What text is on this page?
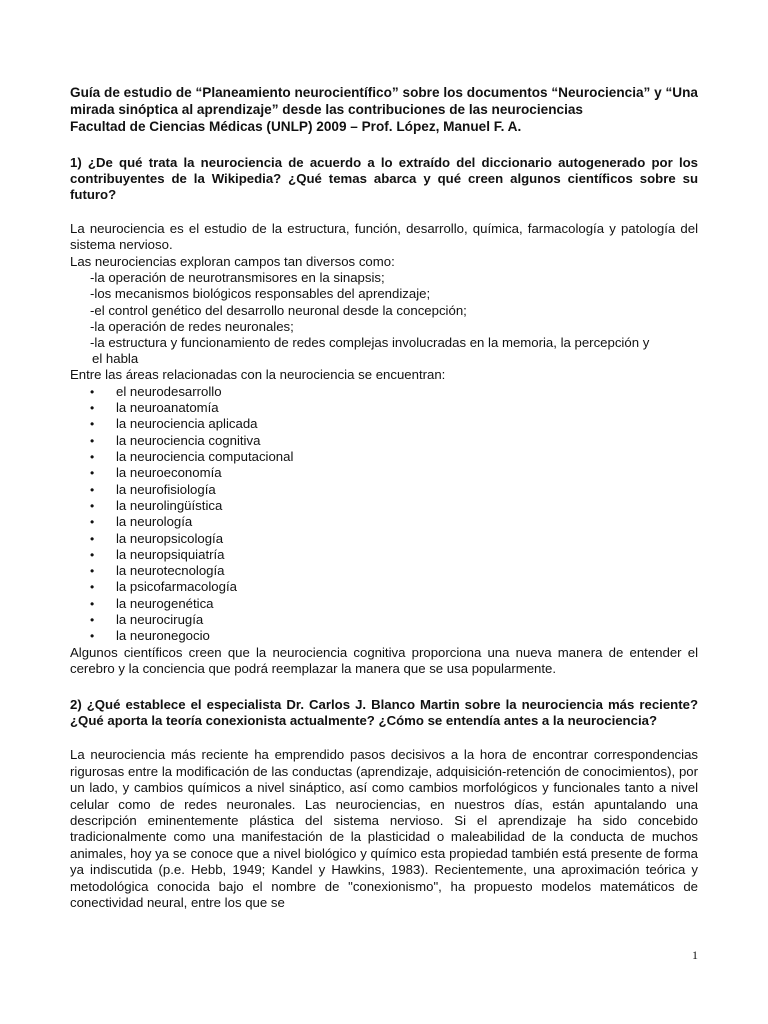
Guía de estudio de “Planeamiento neurocientífico” sobre los documentos “Neurociencia” y “Una mirada sinóptica al aprendizaje” desde las contribuciones de las neurociencias
Facultad de Ciencias Médicas (UNLP) 2009 – Prof. López, Manuel F. A.

1) ¿De qué trata la neurociencia de acuerdo a lo extraído del diccionario autogenerado por los contribuyentes de la Wikipedia? ¿Qué temas abarca y qué creen algunos científicos sobre su futuro?

La neurociencia es el estudio de la estructura, función, desarrollo, química, farmacología y patología del sistema nervioso.

Las neurociencias exploran campos tan diversos como:

-la operación de neurotransmisores en la sinapsis;
-los mecanismos biológicos responsables del aprendizaje;
-el control genético del desarrollo neuronal desde la concepción;
-la operación de redes neuronales;
-la estructura y funcionamiento de redes complejas involucradas en la memoria, la percepción y
el habla

Entre las áreas relacionadas con la neurociencia se encuentran:

•	el neurodesarrollo
•	la neuroanatomía
•	la neurociencia aplicada
•	la neurociencia cognitiva
•	la neurociencia computacional
•	la neuroeconomía
•	la neurofisiología
•	la neurolingüística
•	la neurología
•	la neuropsicología
•	la neuropsiquiatría
•	la neurotecnología
•	la psicofarmacología
•	la neurogenética
•	la neurocirugía
•	la neuronegocio

Algunos científicos creen que la neurociencia cognitiva proporciona una nueva manera de entender el cerebro y la conciencia que podrá reemplazar la manera que se usa popularmente.

2) ¿Qué establece el especialista Dr. Carlos J. Blanco Martin sobre la neurociencia más reciente? ¿Qué aporta la teoría conexionista actualmente? ¿Cómo se entendía antes a la neurociencia?

La neurociencia más reciente ha emprendido pasos decisivos a la hora de encontrar correspondencias rigurosas entre la modificación de las conductas (aprendizaje, adquisición-retención de conocimientos), por un lado, y cambios químicos a nivel sináptico, así como cambios morfológicos y funcionales tanto a nivel celular como de redes neuronales. Las neurociencias, en nuestros días, están apuntalando una descripción eminentemente plástica del sistema nervioso. Si el aprendizaje ha sido concebido tradicionalmente como una manifestación de la plasticidad o maleabilidad de la conducta de muchos animales, hoy ya se conoce que a nivel biológico y químico esta propiedad también está presente de forma ya indiscutida (p.e. Hebb, 1949; Kandel y Hawkins, 1983). Recientemente, una aproximación teórica y metodológica conocida bajo el nombre de "conexionismo", ha propuesto modelos matemáticos de conectividad neural, entre los que se

1
